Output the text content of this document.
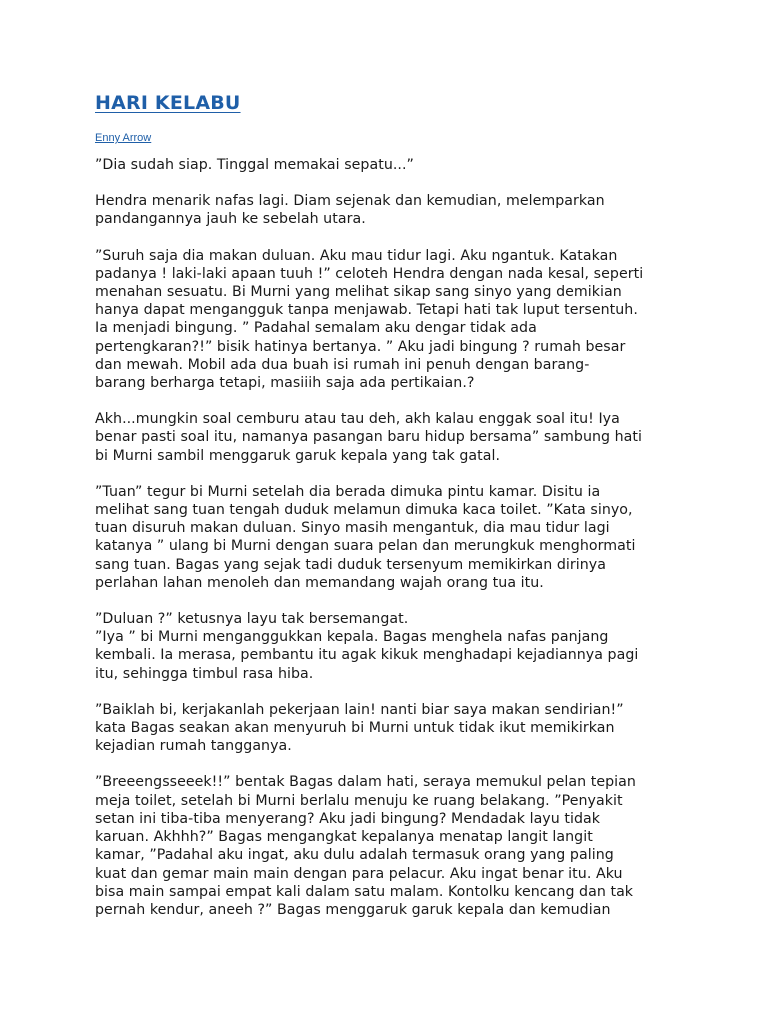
HARI KELABU
Enny Arrow

”Dia sudah siap. Tinggal memakai sepatu...”

Hendra menarik nafas lagi. Diam sejenak dan kemudian, melemparkan
pandangannya jauh ke sebelah utara.

”Suruh saja dia makan duluan. Aku mau tidur lagi. Aku ngantuk. Katakan
padanya ! laki-laki apaan tuuh !” celoteh Hendra dengan nada kesal, seperti
menahan sesuatu. Bi Murni yang melihat sikap sang sinyo yang demikian
hanya dapat mengangguk tanpa menjawab. Tetapi hati tak luput tersentuh.
Ia menjadi bingung. ” Padahal semalam aku dengar tidak ada
pertengkaran?!” bisik hatinya bertanya. ” Aku jadi bingung ? rumah besar
dan mewah. Mobil ada dua buah isi rumah ini penuh dengan barang-
barang berharga tetapi, masiiih saja ada pertikaian.?

Akh...mungkin soal cemburu atau tau deh, akh kalau enggak soal itu! Iya
benar pasti soal itu, namanya pasangan baru hidup bersama” sambung hati
bi Murni sambil menggaruk garuk kepala yang tak gatal.

”Tuan” tegur bi Murni setelah dia berada dimuka pintu kamar. Disitu ia
melihat sang tuan tengah duduk melamun dimuka kaca toilet. ”Kata sinyo,
tuan disuruh makan duluan. Sinyo masih mengantuk, dia mau tidur lagi
katanya ” ulang bi Murni dengan suara pelan dan merungkuk menghormati
sang tuan. Bagas yang sejak tadi duduk tersenyum memikirkan dirinya
perlahan lahan menoleh dan memandang wajah orang tua itu.

”Duluan ?” ketusnya layu tak bersemangat.
”Iya ” bi Murni menganggukkan kepala. Bagas menghela nafas panjang
kembali. Ia merasa, pembantu itu agak kikuk menghadapi kejadiannya pagi
itu, sehingga timbul rasa hiba.

”Baiklah bi, kerjakanlah pekerjaan lain! nanti biar saya makan sendirian!”
kata Bagas seakan akan menyuruh bi Murni untuk tidak ikut memikirkan
kejadian rumah tangganya.

”Breeengsseeek!!” bentak Bagas dalam hati, seraya memukul pelan tepian
meja toilet, setelah bi Murni berlalu menuju ke ruang belakang. ”Penyakit
setan ini tiba-tiba menyerang? Aku jadi bingung? Mendadak layu tidak
karuan. Akhhh?” Bagas mengangkat kepalanya menatap langit langit
kamar, ”Padahal aku ingat, aku dulu adalah termasuk orang yang paling
kuat dan gemar main main dengan para pelacur. Aku ingat benar itu. Aku
bisa main sampai empat kali dalam satu malam. Kontolku kencang dan tak
pernah kendur, aneeh ?” Bagas menggaruk garuk kepala dan kemudian
